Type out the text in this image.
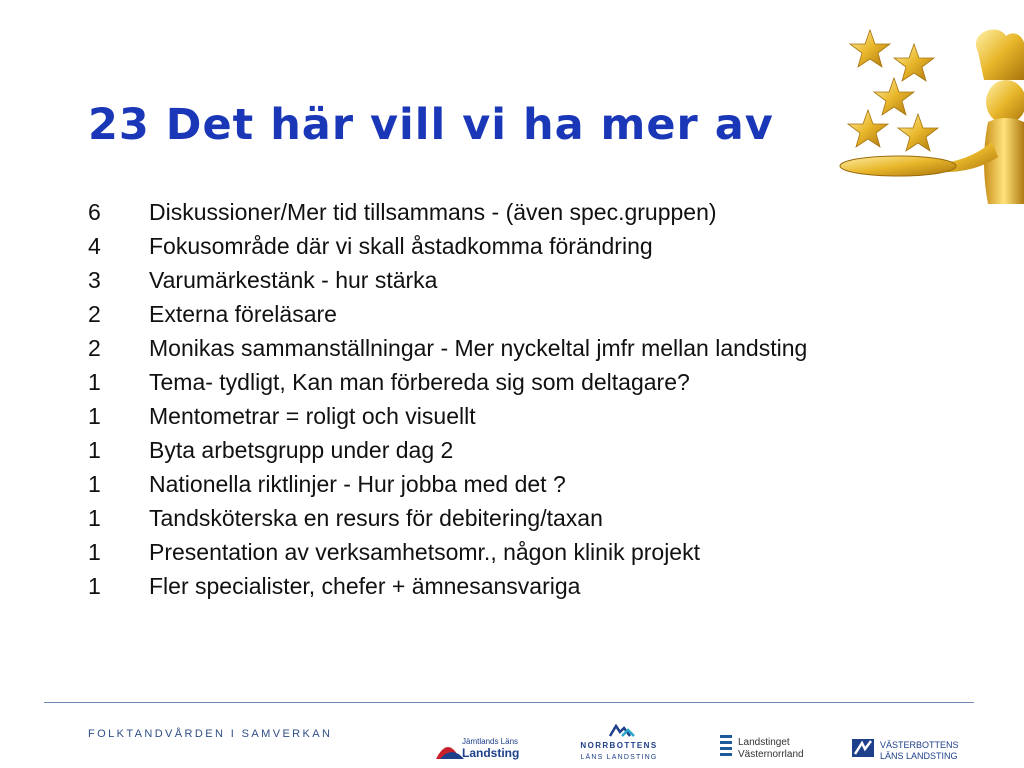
23 Det här vill vi ha mer av
6	Diskussioner/Mer tid tillsammans - (även spec.gruppen)
4	Fokusområde där vi skall åstadkomma förändring
3	Varumärkestänk - hur stärka
2	Externa föreläsare
2	Monikas sammanställningar - Mer nyckeltal jmfr mellan landsting
1	Tema- tydligt, Kan man förbereda sig som deltagare?
1	Mentometrar = roligt och visuellt
1	Byta arbetsgrupp under dag 2
1	Nationella riktlinjer - Hur jobba med det ?
1	Tandsköterska en resurs för debitering/taxan
1	Presentation av verksamhetsomr., någon klinik projekt
1	Fler specialister, chefer + ämnesansvariga
FOLKTANDVÅRDEN I SAMVERKAN
Jämtlands Läns
Landsting
NORRBOTTENS
LÄNS LANDSTING
Landstinget
Västernorrland
VÄSTERBOTTENS
LÄNS LANDSTING
